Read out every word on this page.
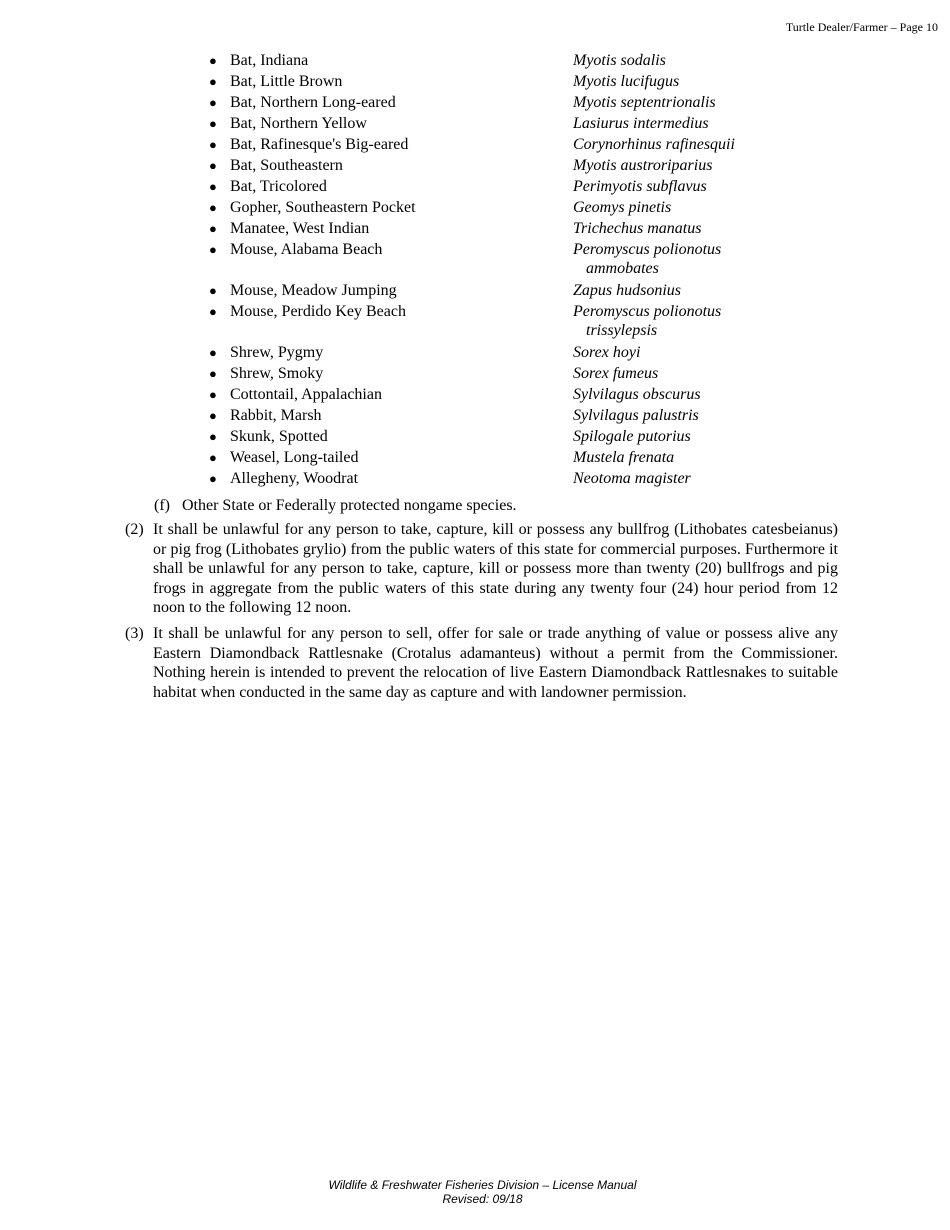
Turtle Dealer/Farmer – Page 10
● Bat, Indiana	Myotis sodalis
● Bat, Little Brown	Myotis lucifugus
● Bat, Northern Long-eared	Myotis septentrionalis
● Bat, Northern Yellow	Lasiurus intermedius
● Bat, Rafinesque's Big-eared	Corynorhinus rafinesquii
● Bat, Southeastern	Myotis austroriparius
● Bat, Tricolored	Perimyotis subflavus
● Gopher, Southeastern Pocket	Geomys pinetis
● Manatee, West Indian	Trichechus manatus
● Mouse, Alabama Beach	Peromyscus polionotus
ammobates
● Mouse, Meadow Jumping	Zapus hudsonius
● Mouse, Perdido Key Beach	Peromyscus polionotus
trissylepsis
● Shrew, Pygmy	Sorex hoyi
● Shrew, Smoky	Sorex fumeus
● Cottontail, Appalachian	Sylvilagus obscurus
● Rabbit, Marsh	Sylvilagus palustris
● Skunk, Spotted	Spilogale putorius
● Weasel, Long-tailed	Mustela frenata
● Allegheny, Woodrat	Neotoma magister
(f) Other State or Federally protected nongame species.
(2) It shall be unlawful for any person to take, capture, kill or possess any bullfrog (Lithobates catesbeianus) or pig frog (Lithobates grylio) from the public waters of this state for commercial purposes. Furthermore it shall be unlawful for any person to take, capture, kill or possess more than twenty (20) bullfrogs and pig frogs in aggregate from the public waters of this state during any twenty four (24) hour period from 12 noon to the following 12 noon.
(3) It shall be unlawful for any person to sell, offer for sale or trade anything of value or possess alive any Eastern Diamondback Rattlesnake (Crotalus adamanteus) without a permit from the Commissioner. Nothing herein is intended to prevent the relocation of live Eastern Diamondback Rattlesnakes to suitable habitat when conducted in the same day as capture and with landowner permission.
Wildlife & Freshwater Fisheries Division – License Manual
Revised: 09/18
